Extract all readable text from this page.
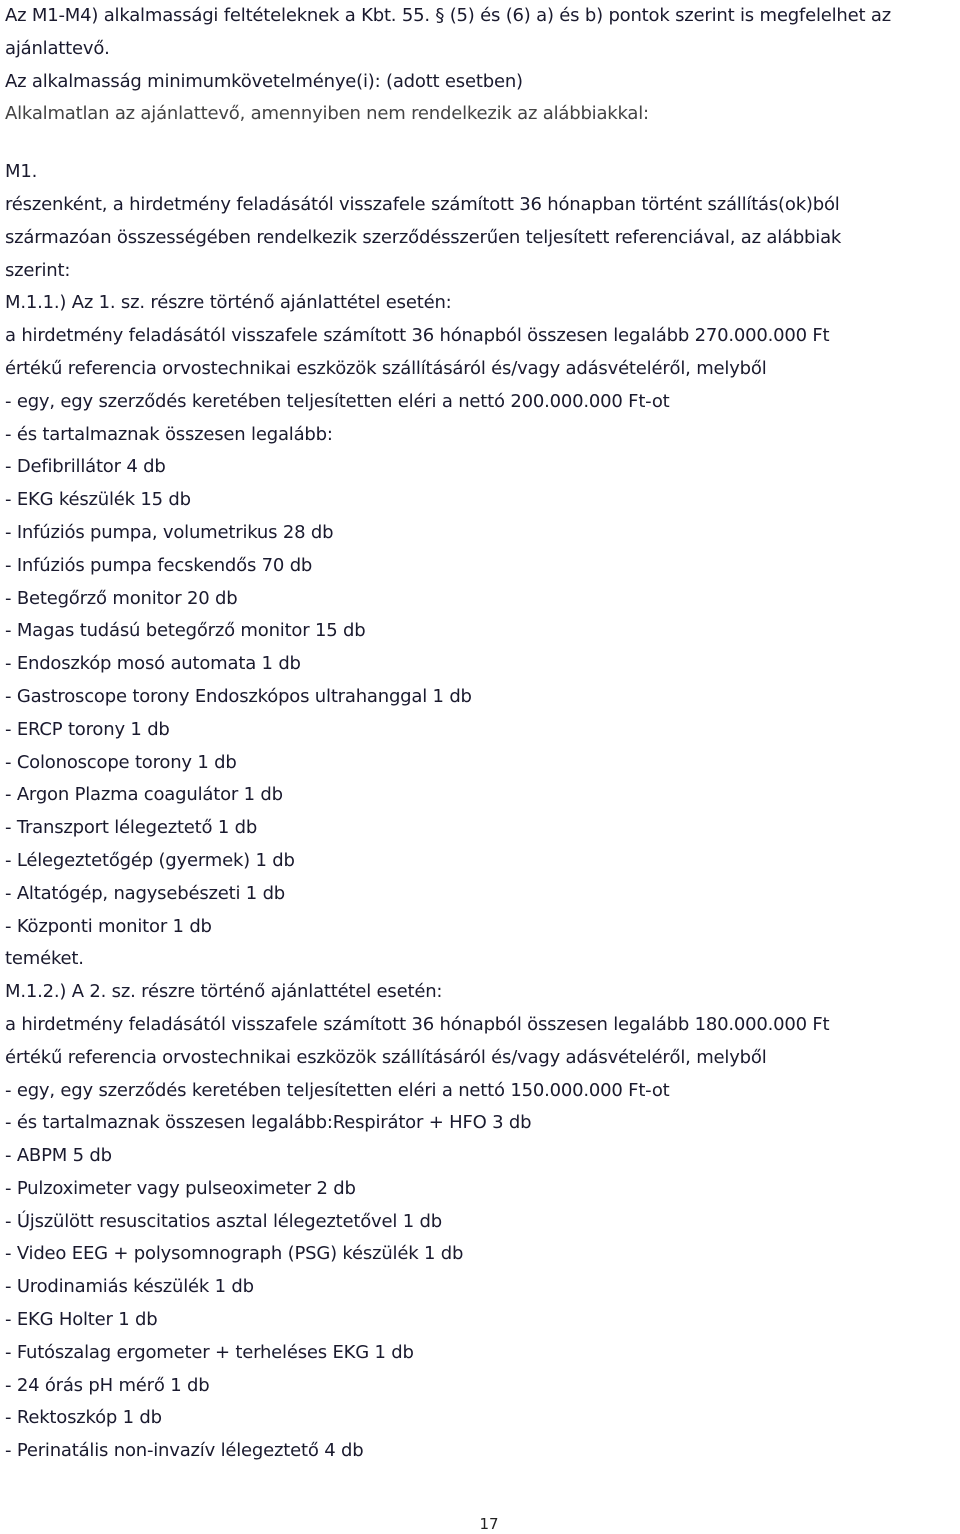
Az M1-M4) alkalmassági feltételeknek a Kbt. 55. § (5) és (6) a) és b) pontok szerint is megfelelhet az
ajánlattevő.
Az alkalmasság minimumkövetelménye(i): (adott esetben)
Alkalmatlan az ajánlattevő, amennyiben nem rendelkezik az alábbiakkal:
M1.
részenként, a hirdetmény feladásától visszafele számított 36 hónapban történt szállítás(ok)ból
származóan összességében rendelkezik szerződésszerűen teljesített referenciával, az alábbiak
szerint:
M.1.1.) Az 1. sz. részre történő ajánlattétel esetén:
a hirdetmény feladásától visszafele számított 36 hónapból összesen legalább 270.000.000 Ft
értékű referencia orvostechnikai eszközök szállításáról és/vagy adásvételéről, melyből
- egy, egy szerződés keretében teljesítetten eléri a nettó 200.000.000 Ft-ot
- és tartalmaznak összesen legalább:
- Defibrillátor 4 db
- EKG készülék 15 db
- Infúziós pumpa, volumetrikus 28 db
- Infúziós pumpa fecskendős 70 db
- Betegőrző monitor 20 db
- Magas tudású betegőrző monitor 15 db
- Endoszkóp mosó automata 1 db
- Gastroscope torony Endoszkópos ultrahanggal 1 db
- ERCP torony 1 db
- Colonoscope torony 1 db
- Argon Plazma coagulátor 1 db
- Transzport lélegeztető 1 db
- Lélegeztetőgép (gyermek) 1 db
- Altatógép, nagysebészeti 1 db
- Központi monitor 1 db
teméket.
M.1.2.) A 2. sz. részre történő ajánlattétel esetén:
a hirdetmény feladásától visszafele számított 36 hónapból összesen legalább 180.000.000 Ft
értékű referencia orvostechnikai eszközök szállításáról és/vagy adásvételéről, melyből
- egy, egy szerződés keretében teljesítetten eléri a nettó 150.000.000 Ft-ot
- és tartalmaznak összesen legalább:Respirátor + HFO 3 db
- ABPM 5 db
- Pulzoximeter vagy pulseoximeter 2 db
- Újszülött resuscitatios asztal lélegeztetővel 1 db
- Video EEG + polysomnograph (PSG) készülék 1 db
- Urodinamiás készülék 1 db
- EKG Holter 1 db
- Futószalag ergometer + terheléses EKG 1 db
- 24 órás pH mérő 1 db
- Rektoszkóp 1 db
- Perinatális non-invazív lélegeztető 4 db
17
